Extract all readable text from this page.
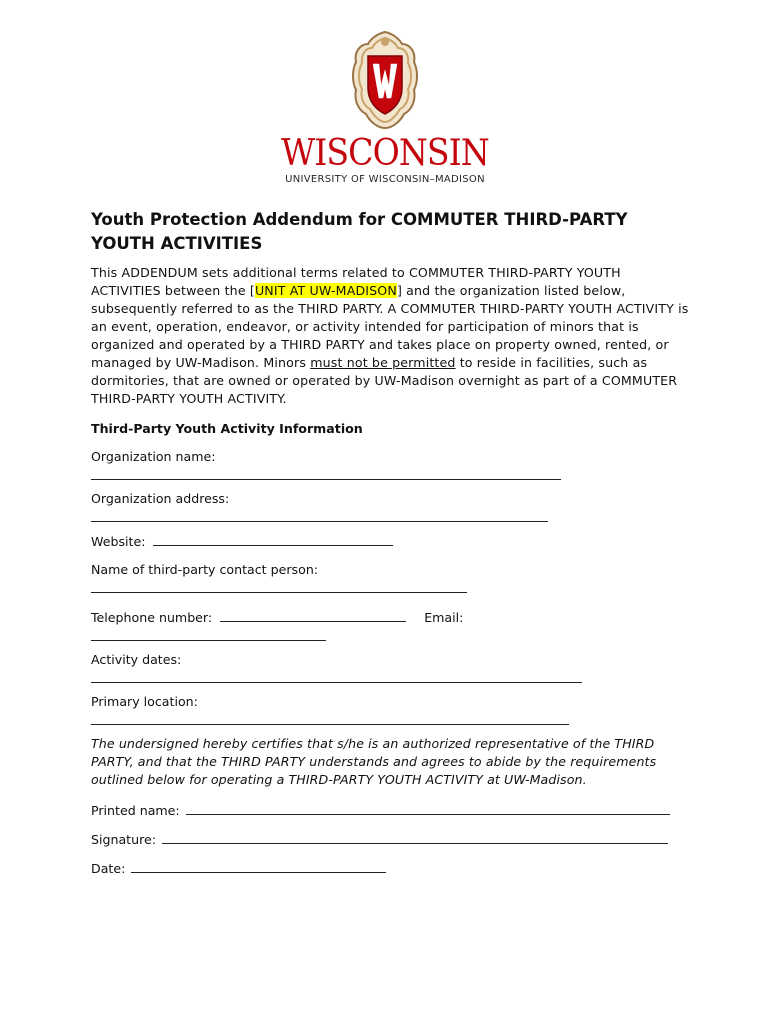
WISCONSIN
UNIVERSITY OF WISCONSIN–MADISON
Youth Protection Addendum for COMMUTER THIRD-PARTY YOUTH ACTIVITIES

This ADDENDUM sets additional terms related to COMMUTER THIRD-PARTY YOUTH ACTIVITIES between the [UNIT AT UW-MADISON] and the organization listed below, subsequently referred to as the THIRD PARTY. A COMMUTER THIRD-PARTY YOUTH ACTIVITY is an event, operation, endeavor, or activity intended for participation of minors that is organized and operated by a THIRD PARTY and takes place on property owned, rented, or managed by UW-Madison. Minors must not be permitted to reside in facilities, such as dormitories, that are owned or operated by UW-Madison overnight as part of a COMMUTER THIRD-PARTY YOUTH ACTIVITY.

Third-Party Youth Activity Information
Organization name:
Organization address:
Website:
Name of third-party contact person:
Telephone number:	Email:
Activity dates:
Primary location:

The undersigned hereby certifies that s/he is an authorized representative of the THIRD PARTY, and that the THIRD PARTY understands and agrees to abide by the requirements outlined below for operating a THIRD-PARTY YOUTH ACTIVITY at UW-Madison.

Printed name:
Signature:
Date:
